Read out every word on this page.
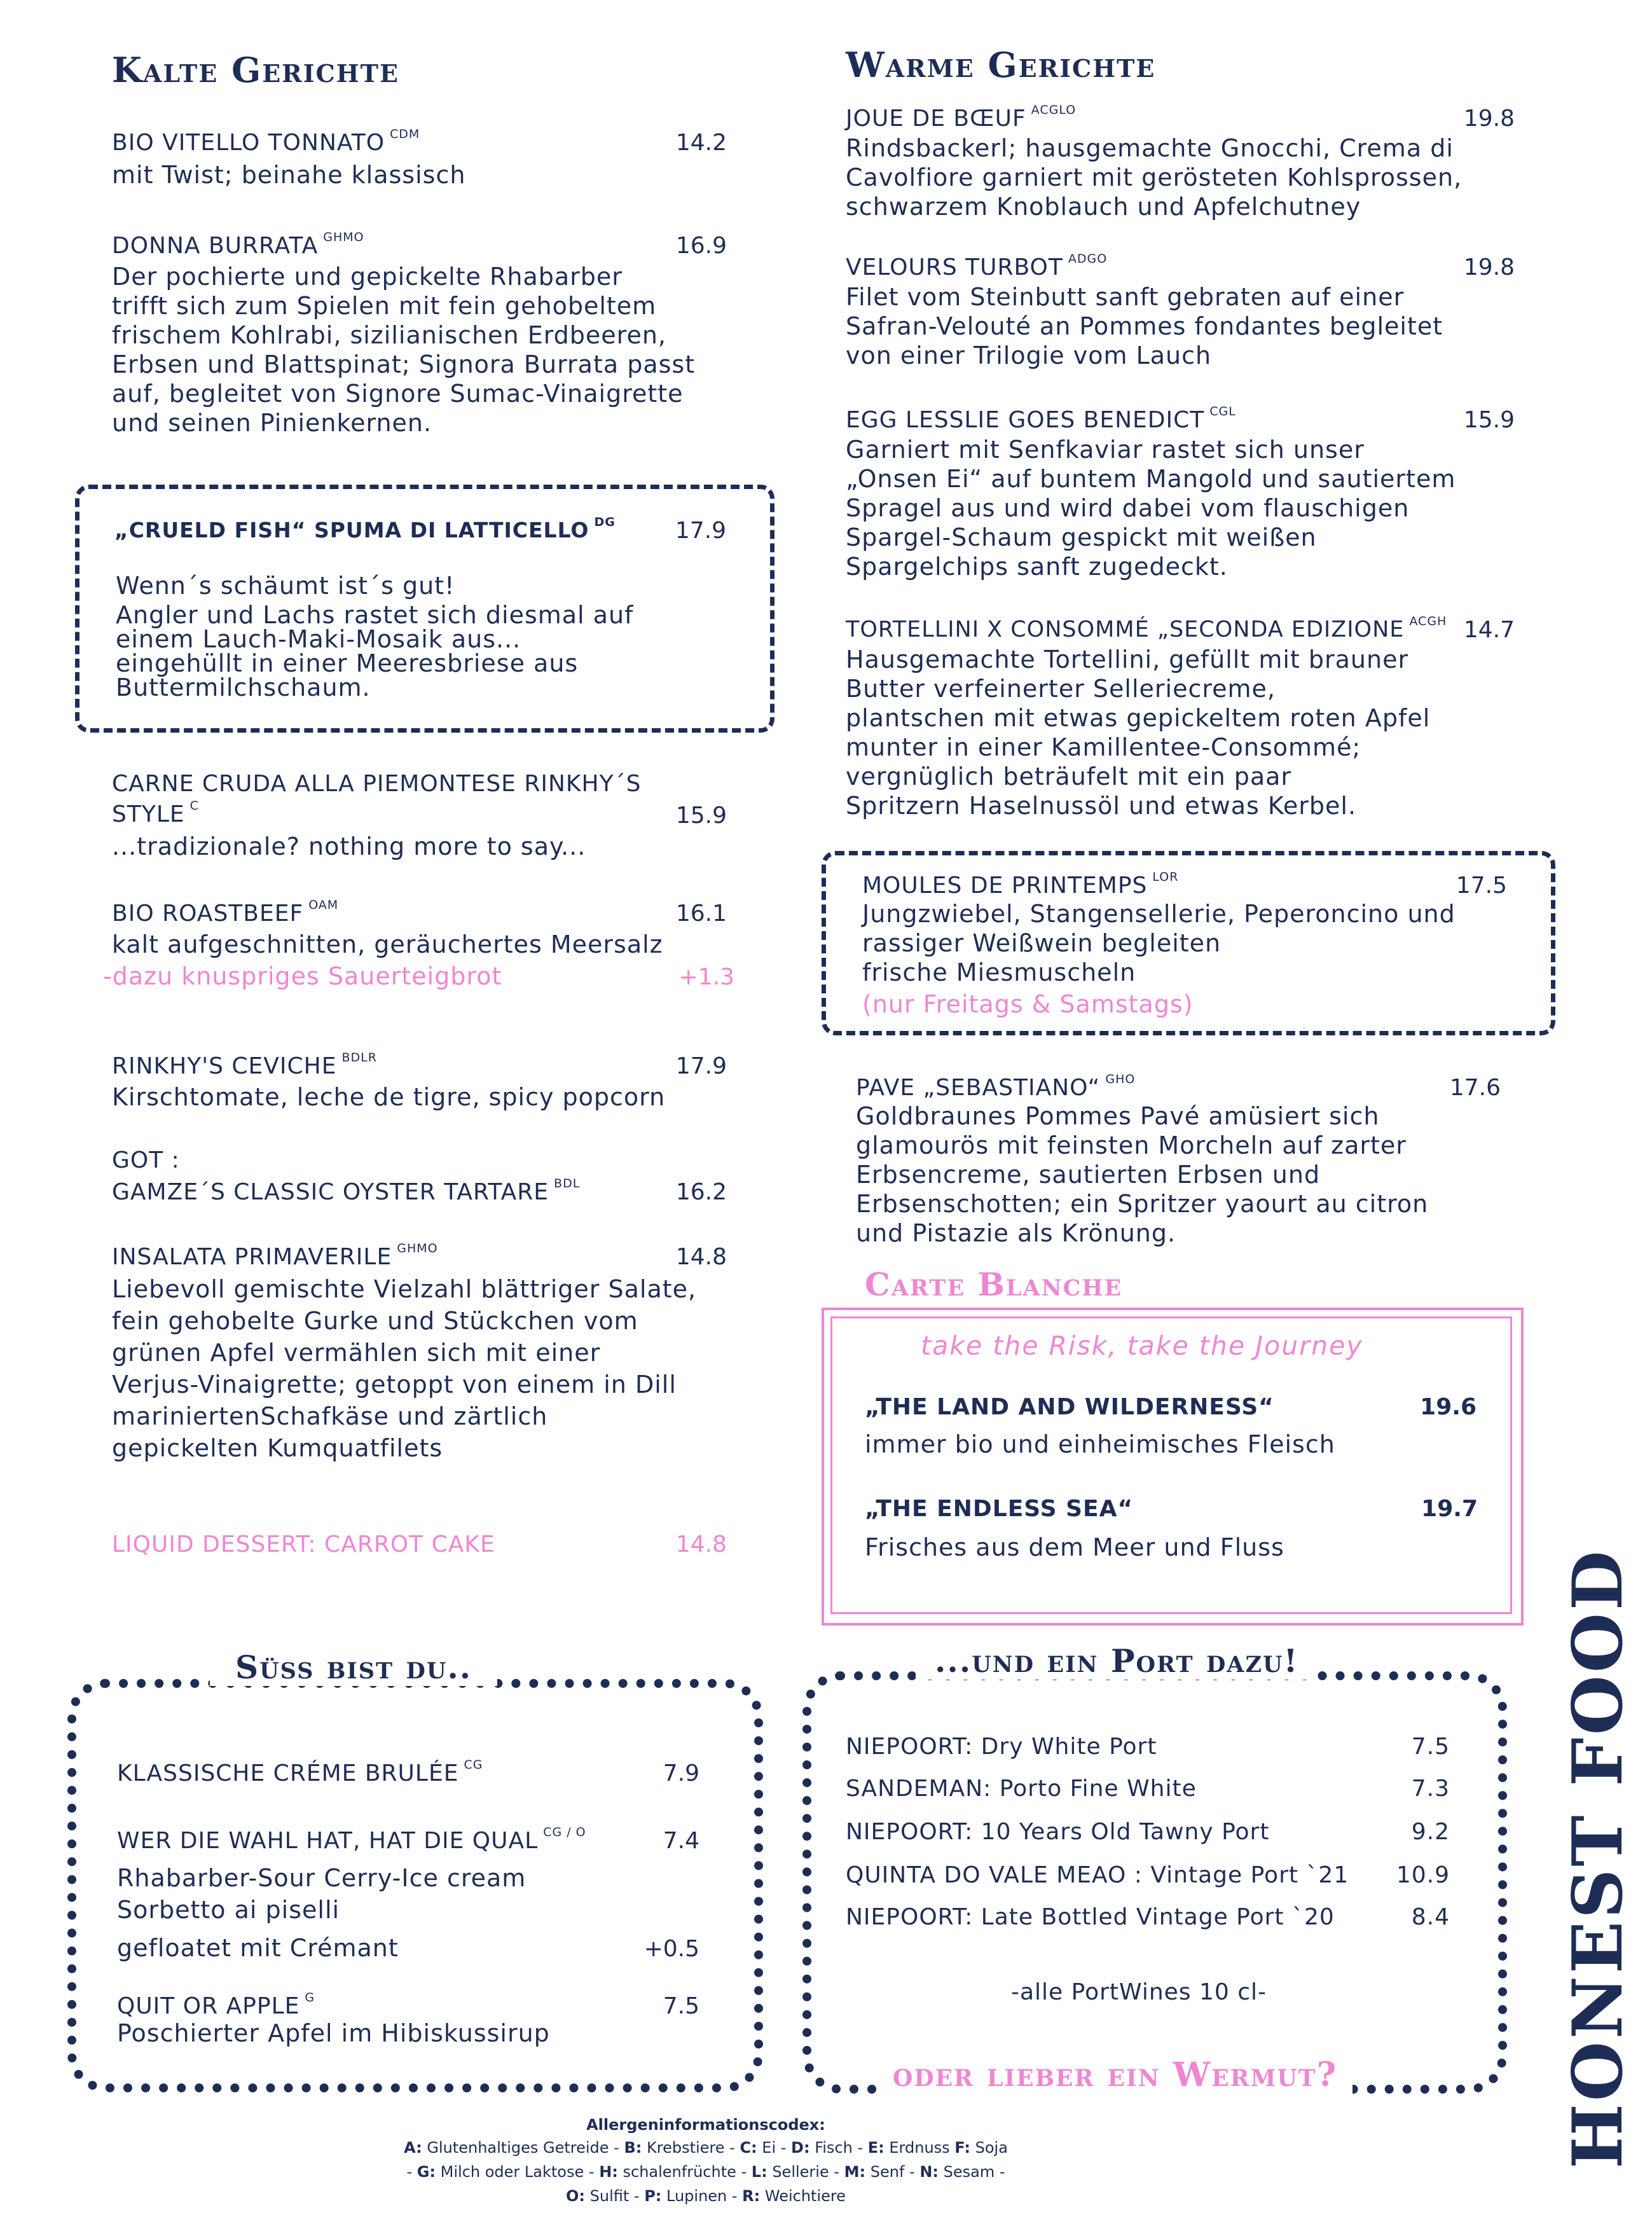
Kalte Gerichte
BIO VITELLO TONNATO $^{CDM}$	14.2
mit Twist; beinahe klassisch
DONNA BURRATA $^{GHMO}$	16.9
Der pochierte und gepickelte Rhabarber
trifft sich zum Spielen mit fein gehobeltem
frischem Kohlrabi, sizilianischen Erdbeeren,
Erbsen und Blattspinat; Signora Burrata passt
auf, begleitet von Signore Sumac-Vinaigrette
und seinen Pinienkernen.
„CRUELD FISH“ SPUMA DI LATTICELLO $^{DG}$	17.9
Wenn´s schäumt ist´s gut!
Angler und Lachs rastet sich diesmal auf
einem Lauch-Maki-Mosaik aus...
eingehüllt in einer Meeresbriese aus
Buttermilchschaum.
CARNE CRUDA ALLA PIEMONTESE RINKHY´S
STYLE $^C$	15.9
...tradizionale? nothing more to say...
BIO ROASTBEEF $^{OAM}$	16.1
kalt aufgeschnitten, geräuchertes Meersalz
-dazu knuspriges Sauerteigbrot	+1.3
RINKHY'S CEVICHE $^{BDLR}$	17.9
Kirschtomate, leche de tigre, spicy popcorn
GOT :
GAMZE´S CLASSIC OYSTER TARTARE $^{BDL}$	16.2
INSALATA PRIMAVERILE $^{GHMO}$	14.8
Liebevoll gemischte Vielzahl blättriger Salate,
fein gehobelte Gurke und Stückchen vom
grünen Apfel vermählen sich mit einer
Verjus-Vinaigrette; getoppt von einem in Dill
mariniertenSchafkäse und zärtlich
gepickelten Kumquatfilets
LIQUID DESSERT: CARROT CAKE	14.8
Warme Gerichte
JOUE DE BŒUF $^{ACGLO}$	19.8
Rindsbackerl; hausgemachte Gnocchi, Crema di
Cavolfiore garniert mit gerösteten Kohlsprossen,
schwarzem Knoblauch und Apfelchutney
VELOURS TURBOT $^{ADGO}$	19.8
Filet vom Steinbutt sanft gebraten auf einer
Safran-Velouté an Pommes fondantes begleitet
von einer Trilogie vom Lauch
EGG LESSLIE GOES BENEDICT $^{CGL}$	15.9
Garniert mit Senfkaviar rastet sich unser
„Onsen Ei“ auf buntem Mangold und sautiertem
Spragel aus und wird dabei vom flauschigen
Spargel-Schaum gespickt mit weißen
Spargelchips sanft zugedeckt.
TORTELLINI X CONSOMMÉ „SECONDA EDIZIONE $^{ACGH}$ 14.7
Hausgemachte Tortellini, gefüllt mit brauner
Butter verfeinerter Selleriecreme,
plantschen mit etwas gepickeltem roten Apfel
munter in einer Kamillentee-Consommé;
vergnüglich beträufelt mit ein paar
Spritzern Haselnussöl und etwas Kerbel.
MOULES DE PRINTEMPS $^{LOR}$	17.5
Jungzwiebel, Stangensellerie, Peperoncino und
rassiger Weißwein begleiten
frische Miesmuscheln
(nur Freitags & Samstags)
PAVE „SEBASTIANO“ $^{GHO}$	17.6
Goldbraunes Pommes Pavé amüsiert sich
glamourös mit feinsten Morcheln auf zarter
Erbsencreme, sautierten Erbsen und
Erbsenschotten; ein Spritzer yaourt au citron
und Pistazie als Krönung.
Carte Blanche
take the Risk, take the Journey
„THE LAND AND WILDERNESS“	19.6
immer bio und einheimisches Fleisch
„THE ENDLESS SEA“	19.7
Frisches aus dem Meer und Fluss
Süss bist du..
KLASSISCHE CRÉME BRULÉE $^{CG}$	7.9
WER DIE WAHL HAT, HAT DIE QUAL $^{CG / O}$	7.4
Rhabarber-Sour Cerry-Ice cream
Sorbetto ai piselli
gefloatet mit Crémant	+0.5
QUIT OR APPLE $^G$	7.5
Poschierter Apfel im Hibiskussirup
...und ein Port dazu!
NIEPOORT: Dry White Port	7.5
SANDEMAN: Porto Fine White	7.3
NIEPOORT: 10 Years Old Tawny Port	9.2
QUINTA DO VALE MEAO : Vintage Port `21 10.9
NIEPOORT: Late Bottled Vintage Port `20	8.4
-alle PortWines 10 cl-
oder lieber ein Wermut?	HONEST FOOD
Allergeninformationscodex:
A: Glutenhaltiges Getreide - B: Krebstiere - C: Ei - D: Fisch - E: Erdnuss F: Soja
- G: Milch oder Laktose - H: schalenfrüchte - L: Sellerie - M: Senf - N: Sesam -
O: Sulfit - P: Lupinen - R: Weichtiere
